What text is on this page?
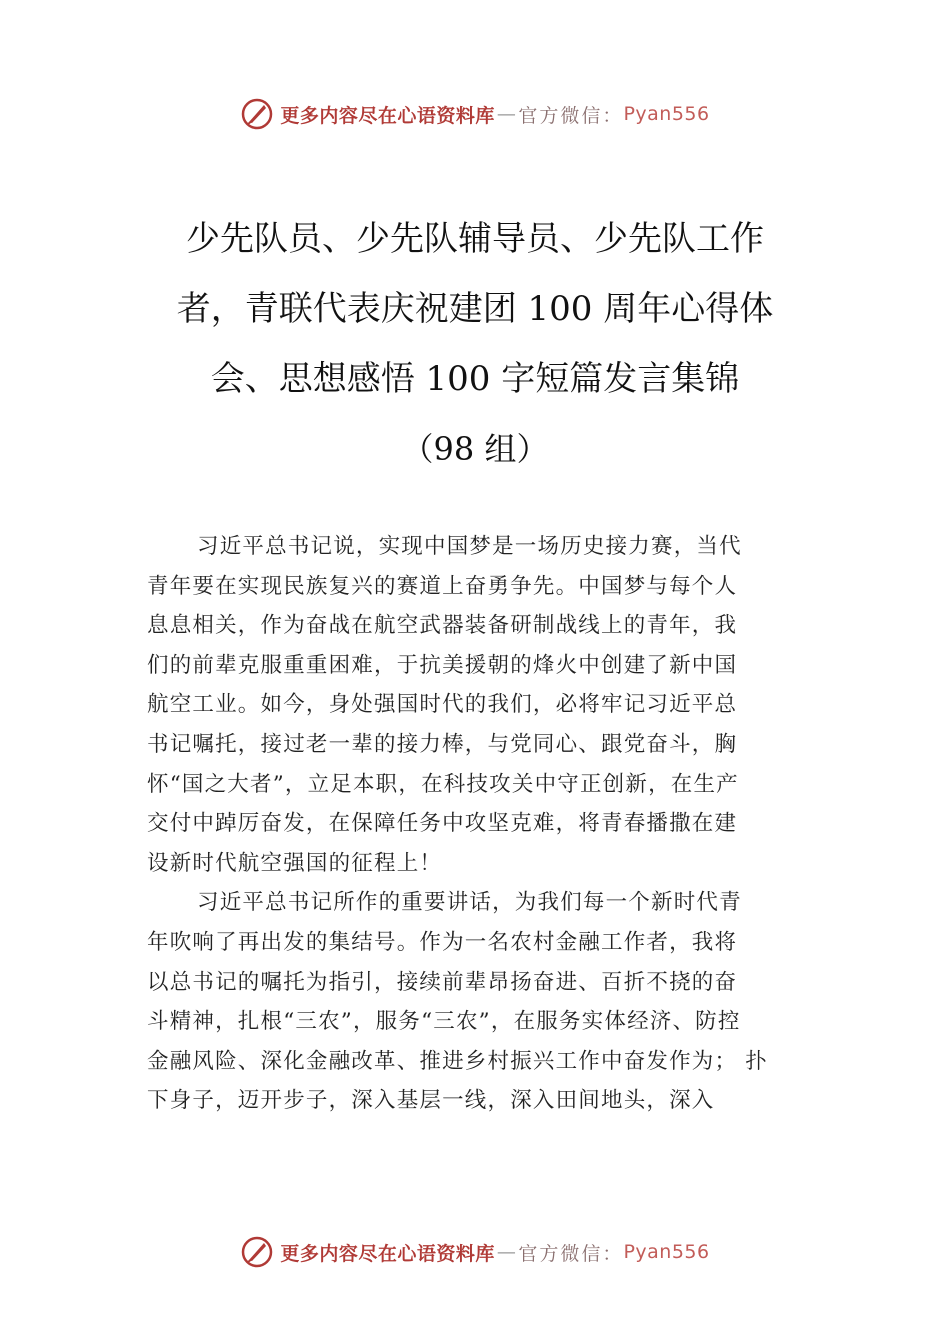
更多内容尽在心语资料库 — 官方微信： Pyan556
少先队员、少先队辅导员、少先队工作
者，青联代表庆祝建团 100 周年心得体
会、思想感悟 100 字短篇发言集锦
（98 组）
习近平总书记说，实现中国梦是一场历史接力赛，当代
青年要在实现民族复兴的赛道上奋勇争先。中国梦与每个人
息息相关，作为奋战在航空武器装备研制战线上的青年，我
们的前辈克服重重困难，于抗美援朝的烽火中创建了新中国
航空工业。如今，身处强国时代的我们，必将牢记习近平总
书记嘱托，接过老一辈的接力棒，与党同心、跟党奋斗，胸
怀“国之大者”，立足本职，在科技攻关中守正创新，在生产
交付中踔厉奋发，在保障任务中攻坚克难，将青春播撒在建
设新时代航空强国的征程上！
习近平总书记所作的重要讲话，为我们每一个新时代青
年吹响了再出发的集结号。作为一名农村金融工作者，我将
以总书记的嘱托为指引，接续前辈昂扬奋进、百折不挠的奋
斗精神，扎根“三农”，服务“三农”，在服务实体经济、防控
金融风险、深化金融改革、推进乡村振兴工作中奋发作为； 扑
下身子，迈开步子，深入基层一线，深入田间地头，深入
更多内容尽在心语资料库 — 官方微信： Pyan556
